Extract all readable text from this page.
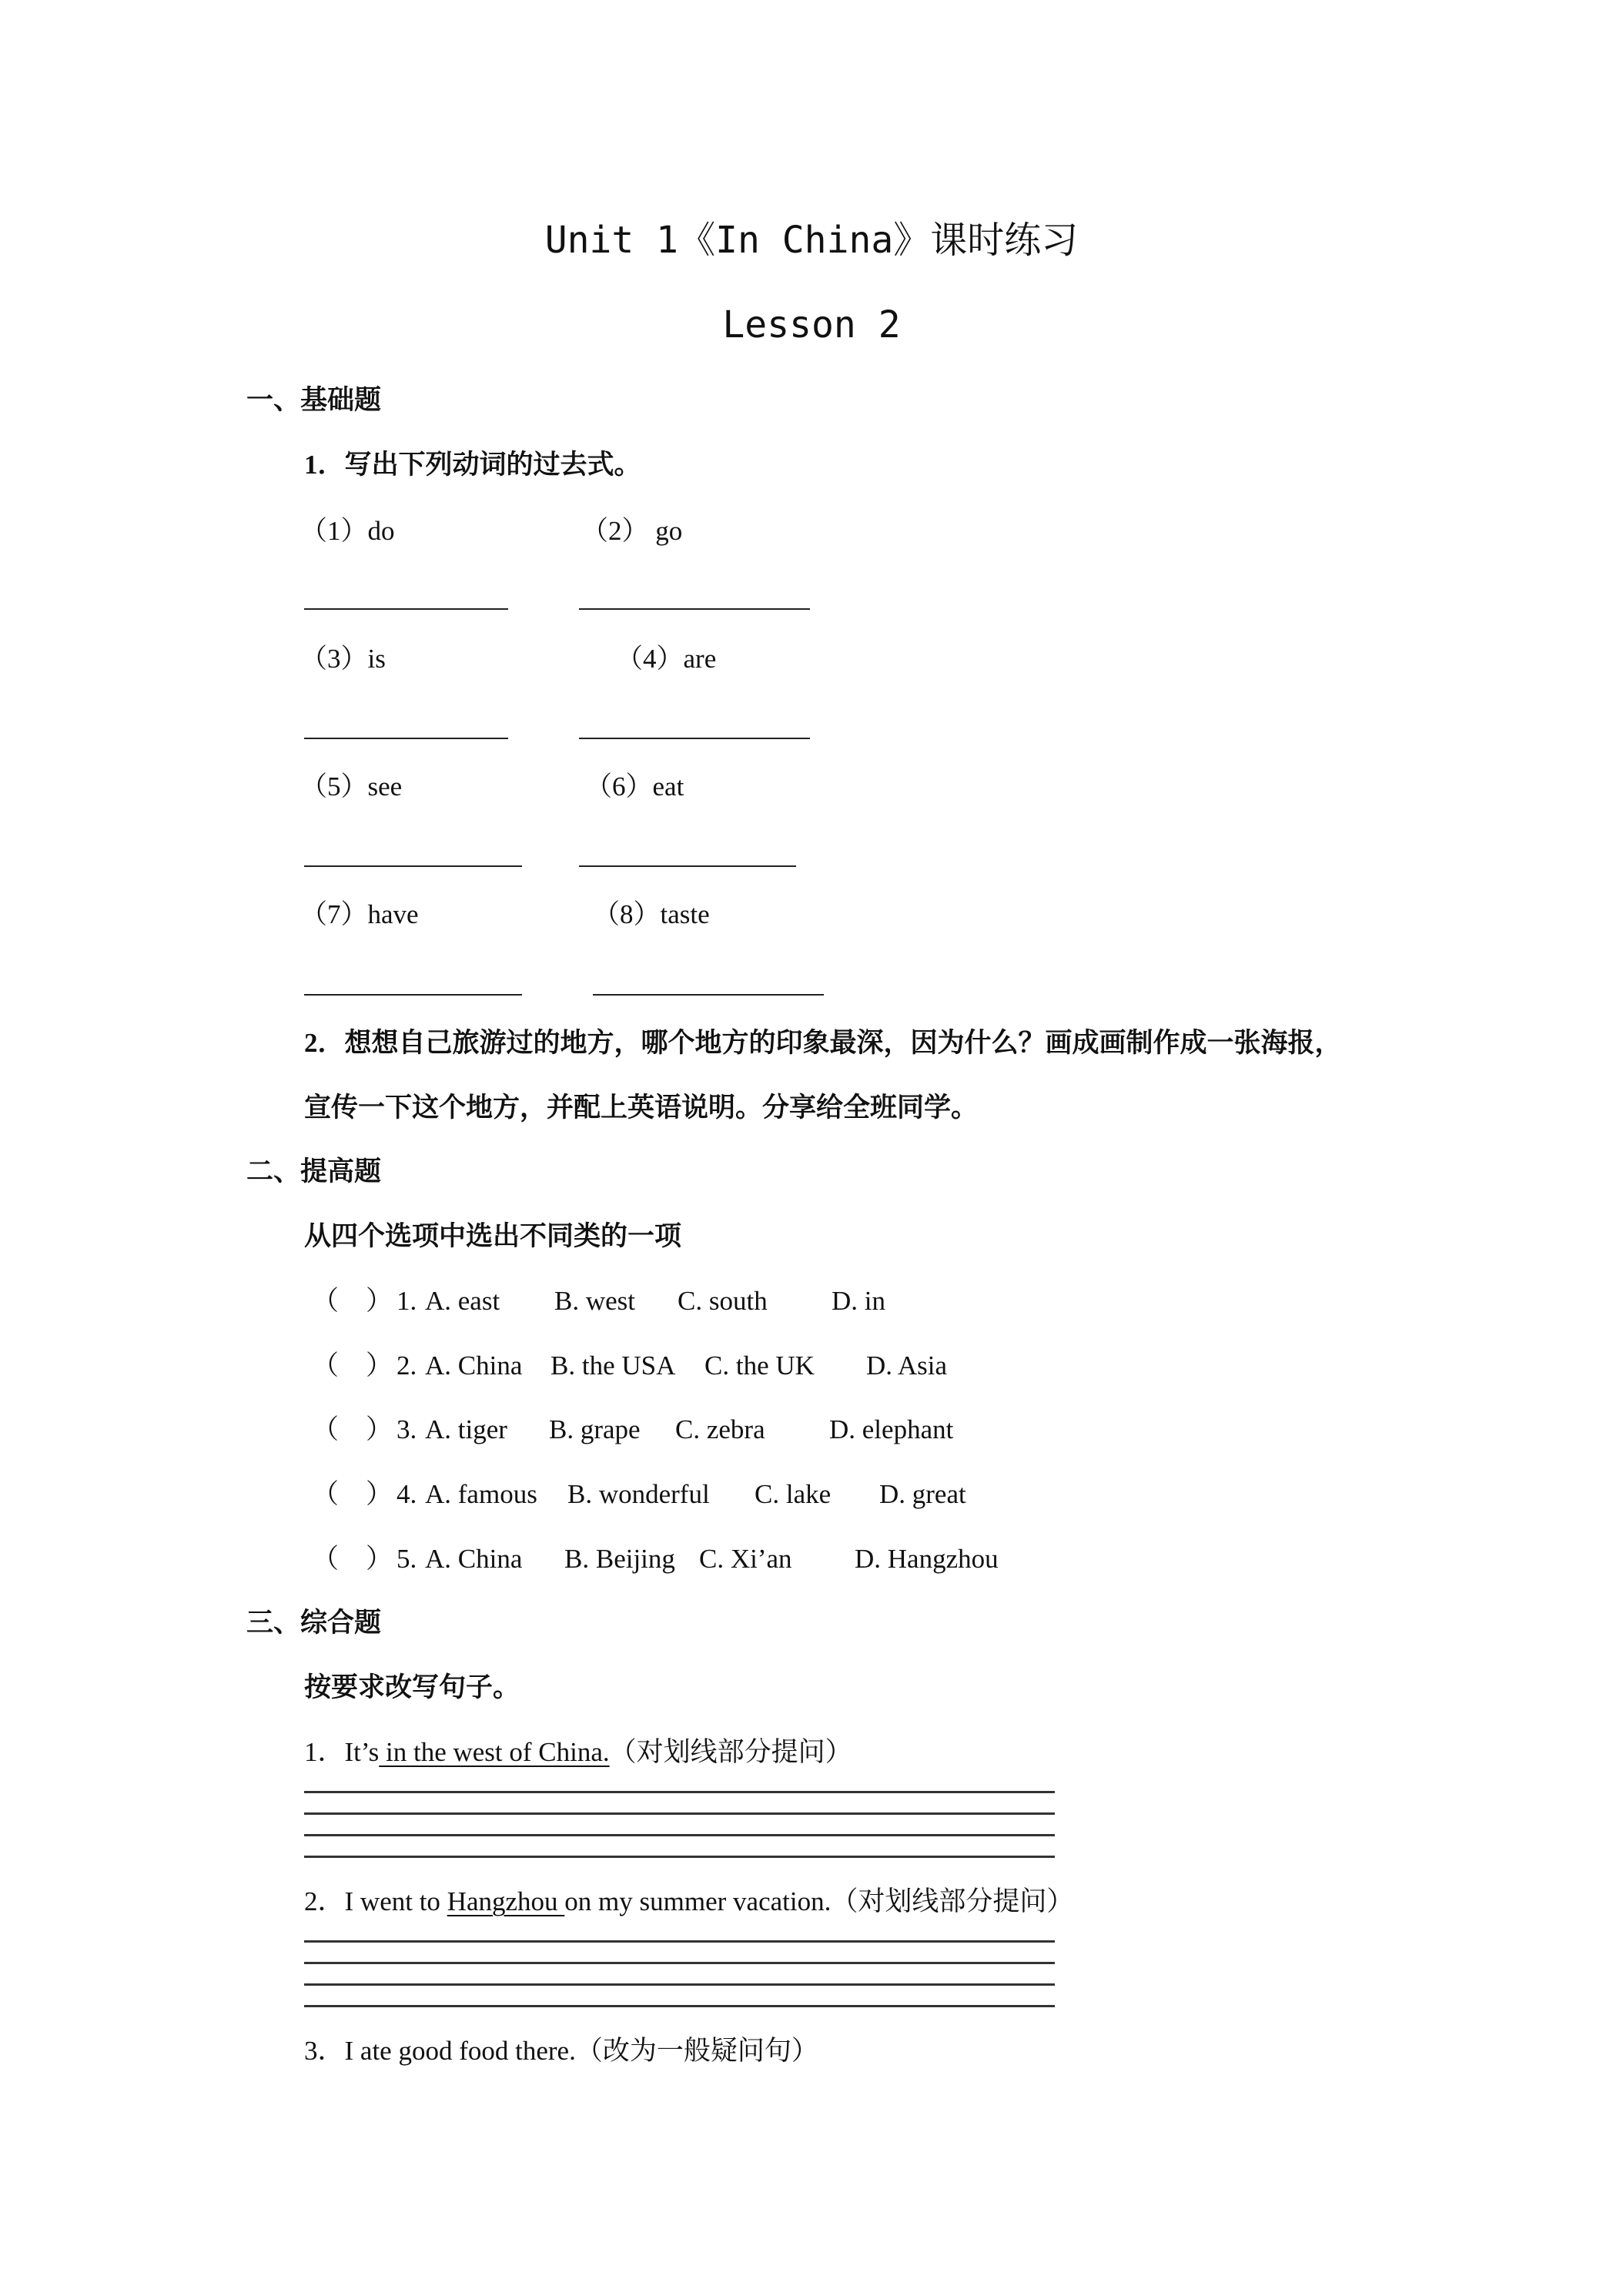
Unit 1《In China》课时练习
Lesson 2
一、基础题
1．写出下列动词的过去式。
（1）do	（2） go
（3）is	（4）are
（5）see	（6）eat
（7）have	（8）taste
2．想想自己旅游过的地方，哪个地方的印象最深，因为什么？画成画制作成一张海报，
宣传一下这个地方，并配上英语说明。分享给全班同学。
二、提高题
从四个选项中选出不同类的一项
（　） 1. A. east B. west C. south D. in
（　） 2. A. China B. the USA C. the UK D. Asia
（　） 3. A. tiger B. grape C. zebra D. elephant
（　） 4. A. famous B. wonderful C. lake D. great
（　） 5. A. China B. Beijing C. Xi’an D. Hangzhou
三、综合题
按要求改写句子。
1．It’s in the west of China.（对划线部分提问）
2．I went to Hangzhou on my summer vacation.（对划线部分提问）
3．I ate good food there.（改为一般疑问句）
